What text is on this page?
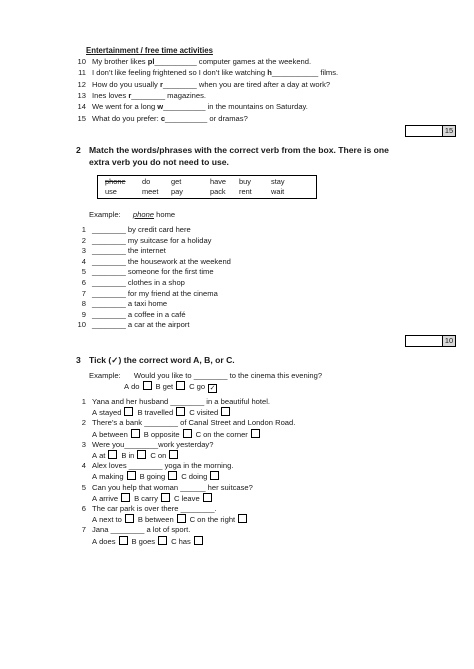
Entertainment / free time activities
10 My brother likes pl__________ computer games at the weekend.
11 I don’t like feeling frightened so I don’t like watching h___________ films.
12 How do you usually r________ when you are tired after a day at work?
13 Ines loves r________ magazines.
14 We went for a long w__________ in the mountains on Saturday.
15 What do you prefer: c__________ or dramas?
15
2 Match the words/phrases with the correct verb from the box. There is one
extra verb you do not need to use.
phone do	get	have buy	stay
use	meet pay	pack rent	wait
Example: phone home
1 ________ by credit card here
2 ________ my suitcase for a holiday
3 ________ the internet
4 ________ the housework at the weekend
5 ________ someone for the first time
6 ________ clothes in a shop
7 ________ for my friend at the cinema
8 ________ a taxi home
9 ________ a coffee in a café
10 ________ a car at the airport
10
3 Tick (✓) the correct word A, B, or C.
Example: Would you like to ________ to the cinema this evening?
A do B get C go ✓
1 Yana and her husband ________ in a beautiful hotel.
A stayed B travelled C visited
2 There’s a bank ________ of Canal Street and London Road.
A between B opposite C on the corner
3 Were you________work yesterday?
A at B in C on
4 Alex loves ________ yoga in the morning.
A making B going C doing
5 Can you help that woman ______ her suitcase?
A arrive B carry C leave
6 The car park is over there ________.
A next to B between C on the right
7 Jana ________ a lot of sport.
A does B goes C has
